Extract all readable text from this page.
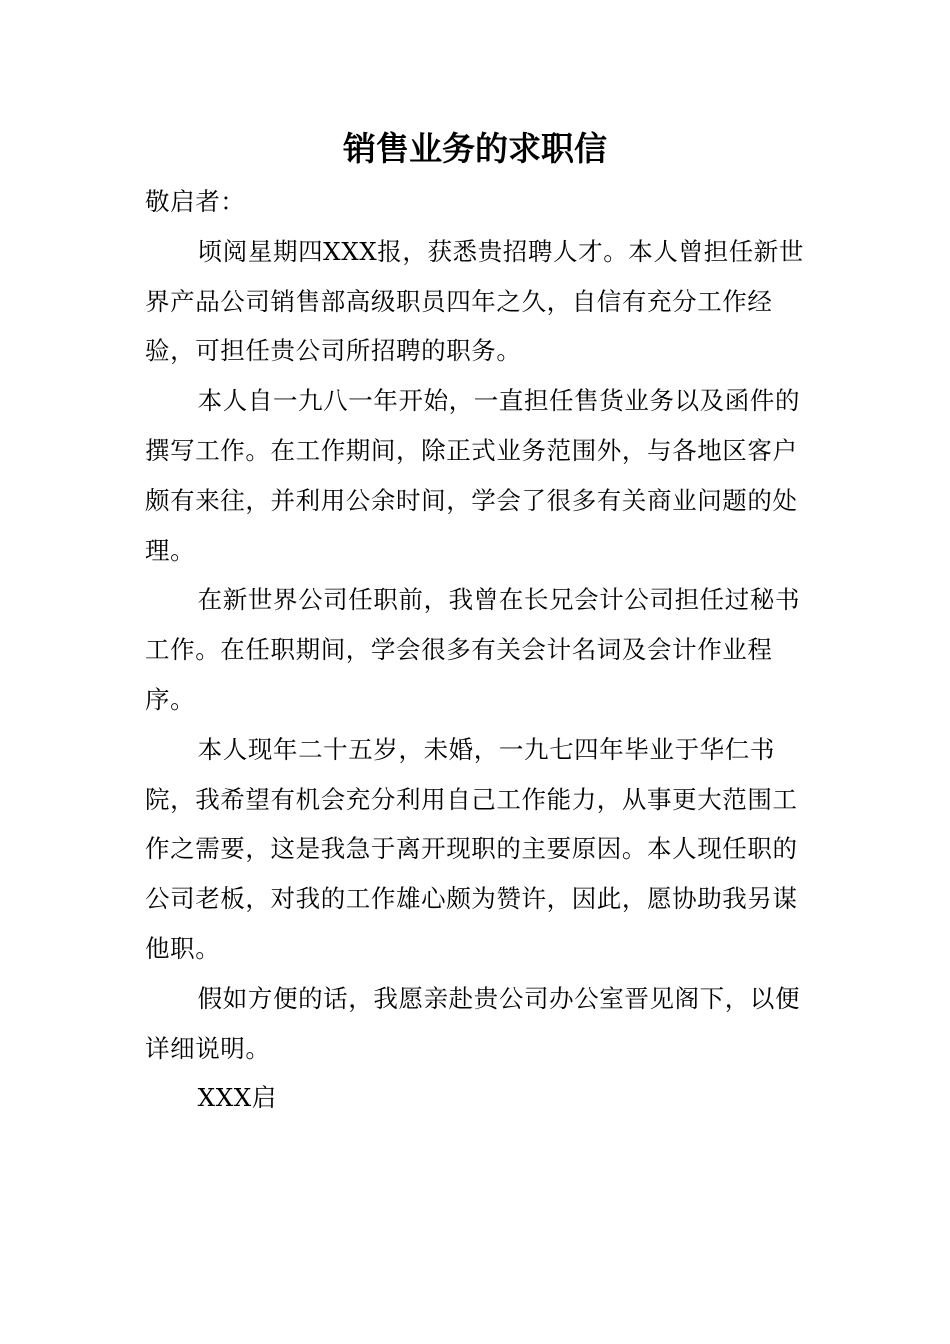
销售业务的求职信

敬启者：

顷阅星期四XXX报，获悉贵招聘人才。本人曾担任新世界产品公司销售部高级职员四年之久，自信有充分工作经验，可担任贵公司所招聘的职务。

本人自一九八一年开始，一直担任售货业务以及函件的撰写工作。在工作期间，除正式业务范围外，与各地区客户颇有来往，并利用公余时间，学会了很多有关商业问题的处理。

在新世界公司任职前，我曾在长兄会计公司担任过秘书工作。在任职期间，学会很多有关会计名词及会计作业程序。

本人现年二十五岁，未婚，一九七四年毕业于华仁书院，我希望有机会充分利用自己工作能力，从事更大范围工作之需要，这是我急于离开现职的主要原因。本人现任职的公司老板，对我的工作雄心颇为赞许，因此，愿协助我另谋他职。

假如方便的话，我愿亲赴贵公司办公室晋见阁下，以便详细说明。

XXX启
